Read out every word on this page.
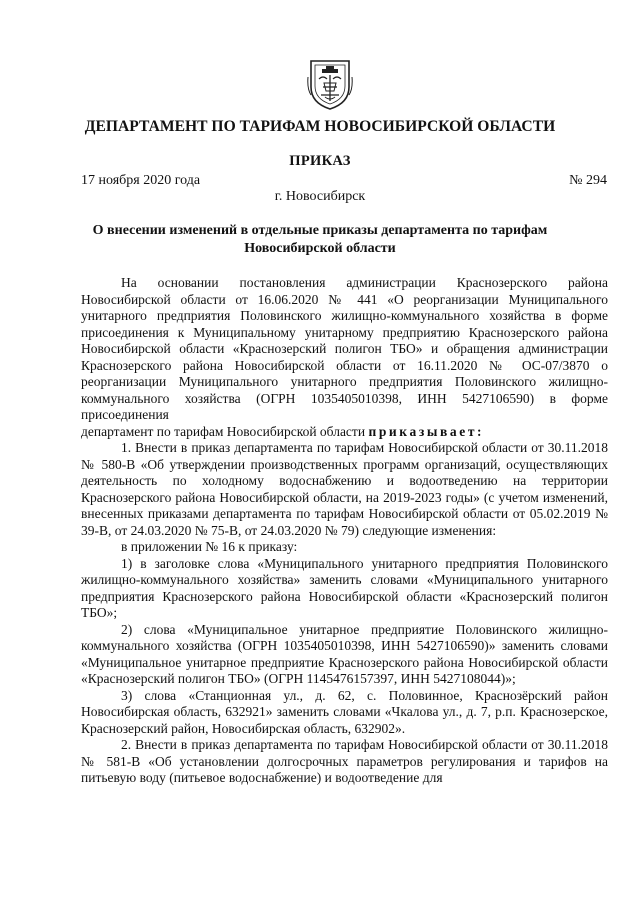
ДЕПАРТАМЕНТ ПО ТАРИФАМ НОВОСИБИРСКОЙ ОБЛАСТИ
ПРИКАЗ
17 ноября 2020 года	№ 294
г. Новосибирск
О внесении изменений в отдельные приказы департамента по тарифам
Новосибирской области

На основании постановления администрации Краснозерского района Новосибирской области от 16.06.2020 № 441 «О реорганизации Муниципального унитарного предприятия Половинского жилищно-коммунального хозяйства в форме присоединения к Муниципальному унитарному предприятию Краснозерского района Новосибирской области «Краснозерский полигон ТБО» и обращения администрации Краснозерского района Новосибирской области от 16.11.2020 № ОС-07/3870 о реорганизации Муниципального унитарного предприятия Половинского жилищно-коммунального хозяйства (ОГРН 1035405010398, ИНН 5427106590) в форме присоединения

департамент по тарифам Новосибирской области приказывает:

1. Внести в приказ департамента по тарифам Новосибирской области от 30.11.2018 № 580-В «Об утверждении производственных программ организаций, осуществляющих деятельность по холодному водоснабжению и водоотведению на территории Краснозерского района Новосибирской области, на 2019-2023 годы» (с учетом изменений, внесенных приказами департамента по тарифам Новосибирской области от 05.02.2019 № 39-В, от 24.03.2020 № 75-В, от 24.03.2020 № 79) следующие изменения:

в приложении № 16 к приказу:

1) в заголовке слова «Муниципального унитарного предприятия Половинского жилищно-коммунального хозяйства» заменить словами «Муниципального унитарного предприятия Краснозерского района Новосибирской области «Краснозерский полигон ТБО»;

2) слова «Муниципальное унитарное предприятие Половинского жилищно-коммунального хозяйства (ОГРН 1035405010398, ИНН 5427106590)» заменить словами «Муниципальное унитарное предприятие Краснозерского района Новосибирской области «Краснозерский полигон ТБО» (ОГРН 1145476157397, ИНН 5427108044)»;

3) слова «Станционная ул., д. 62, с. Половинное, Краснозёрский район Новосибирская область, 632921» заменить словами «Чкалова ул., д. 7, р.п. Краснозерское, Краснозерский район, Новосибирская область, 632902».

2. Внести в приказ департамента по тарифам Новосибирской области от 30.11.2018 № 581-В «Об установлении долгосрочных параметров регулирования и тарифов на питьевую воду (питьевое водоснабжение) и водоотведение для
